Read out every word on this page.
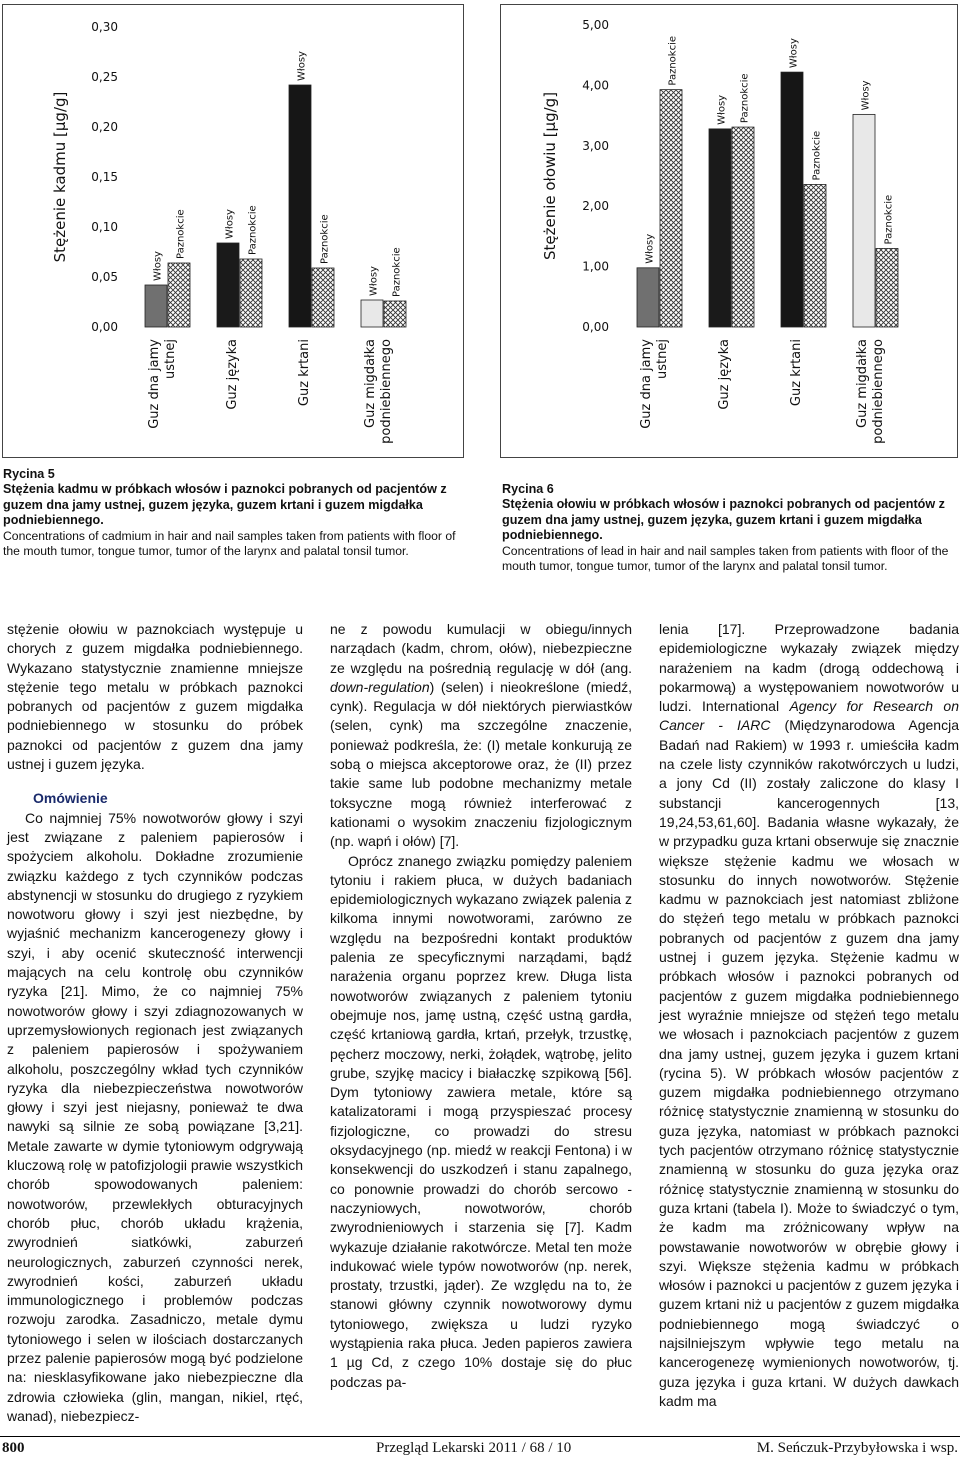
Stężenie kadmu [µg/g]
0,00
0,05
0,10
0,15
0,20
0,25
0,30
Włosy
Paznokcie
Guz dna jamy ustnej
Włosy Paznokcie
Guz języka
Włosy
Paznokcie
Guz krtani
Włosy Paznokcie
Guz migdałka podniebiennego
Stężenie ołowiu [µg/g]
0,00
1,00
2,00
3,00
4,00
5,00
Włosy
Paznokcie
Guz dna jamy ustnej
Włosy Paznokcie
Guz języka
Włosy
Paznokcie
Guz krtani
Włosy
Paznokcie
Guz migdałka podniebiennego
Rycina 5
Stężenia kadmu w próbkach włosów i paznokci pobranych od pacjentów z guzem dna jamy ustnej, guzem języka, guzem krtani i guzem migdałka podniebiennego.
Concentrations of cadmium in hair and nail samples taken from patients with floor of the mouth tumor, tongue tumor, tumor of the larynx and palatal tonsil tumor.
Rycina 6
Stężenia ołowiu w próbkach włosów i paznokci pobranych od pacjentów z guzem dna jamy ustnej, guzem języka, guzem krtani i guzem migdałka podniebiennego.
Concentrations of lead in hair and nail samples taken from patients with floor of the mouth tumor, tongue tumor, tumor of the larynx and palatal tonsil tumor.

stężenie ołowiu w paznokciach występuje u chorych z guzem migdałka podniebiennego. Wykazano statystycznie znamienne mniejsze stężenie tego metalu w próbkach paznokci pobranych od pacjentów z guzem migdałka podniebiennego w stosunku do próbek paznokci od pacjentów z guzem dna jamy ustnej i guzem języka.

Omówienie

Co najmniej 75% nowotworów głowy i szyi jest związane z paleniem papierosów i spożyciem alkoholu. Dokładne zrozumienie związku każdego z tych czynników podczas abstynencji w stosunku do drugiego z ryzykiem nowotworu głowy i szyi jest niezbędne, by wyjaśnić mechanizm kancerogenezy głowy i szyi, i aby ocenić skuteczność interwencji mających na celu kontrolę obu czynników ryzyka [21]. Mimo, że co najmniej 75% nowotworów głowy i szyi zdiagnozowanych w uprzemysłowionych regionach jest związanych z paleniem papierosów i spożywaniem alkoholu, poszczególny wkład tych czynników ryzyka dla niebezpieczeństwa nowotworów głowy i szyi jest niejasny, ponieważ te dwa nawyki są silnie ze sobą powiązane [3,21]. Metale zawarte w dymie tytoniowym odgrywają kluczową rolę w patofizjologii prawie wszystkich chorób spowodowanych paleniem: nowotworów, przewlekłych obturacyjnych chorób płuc, chorób układu krążenia, zwyrodnień siatkówki, zaburzeń neurologicznych, zaburzeń czynności nerek, zwyrodnień kości, zaburzeń układu immunologicznego i problemów podczas rozwoju zarodka. Zasadniczo, metale dymu tytoniowego i selen w ilościach dostarczanych przez palenie papierosów mogą być podzielone na: niesklasyfikowane jako niebezpieczne dla zdrowia człowieka (glin, mangan, nikiel, rtęć, wanad), niebezpiecz-

ne z powodu kumulacji w obiegu/innych narządach (kadm, chrom, ołów), niebezpieczne ze względu na pośrednią regulację w dół (ang. down-regulation) (selen) i nieokreślone (miedź, cynk). Regulacja w dół niektórych pierwiastków (selen, cynk) ma szczególne znaczenie, ponieważ podkreśla, że: (I) metale konkurują ze sobą o miejsca akceptorowe oraz, że (II) przez takie same lub podobne mechanizmy metale toksyczne mogą również interferować z kationami o wysokim znaczeniu fizjologicznym (np. wapń i ołów) [7].

Oprócz znanego związku pomiędzy paleniem tytoniu i rakiem płuca, w dużych badaniach epidemiologicznych wykazano związek palenia z kilkoma innymi nowotworami, zarówno ze względu na bezpośredni kontakt produktów palenia ze specyficznymi narządami, bądź narażenia organu poprzez krew. Długa lista nowotworów związanych z paleniem tytoniu obejmuje nos, jamę ustną, część ustną gardła, część krtaniową gardła, krtań, przełyk, trzustkę, pęcherz moczowy, nerki, żołądek, wątrobę, jelito grube, szyjkę macicy i białaczkę szpikową [56]. Dym tytoniowy zawiera metale, które są katalizatorami i mogą przyspieszać procesy fizjologiczne, co prowadzi do stresu oksydacyjnego (np. miedź w reakcji Fentona) i w konsekwencji do uszkodzeń i stanu zapalnego, co ponownie prowadzi do chorób sercowo - naczyniowych, nowotworów, chorób zwyrodnieniowych i starzenia się [7]. Kadm wykazuje działanie rakotwórcze. Metal ten może indukować wiele typów nowotworów (np. nerek, prostaty, trzustki, jąder). Ze względu na to, że stanowi główny czynnik nowotworowy dymu tytoniowego, zwiększa u ludzi ryzyko wystąpienia raka płuca. Jeden papieros zawiera 1 µg Cd, z czego 10% dostaje się do płuc podczas pa-

lenia [17]. Przeprowadzone badania epidemiologiczne wykazały związek między narażeniem na kadm (drogą oddechową i pokarmową) a występowaniem nowotworów u ludzi. International Agency for Research on Cancer - IARC (Międzynarodowa Agencja Badań nad Rakiem) w 1993 r. umieściła kadm na czele listy czynników rakotwórczych u ludzi, a jony Cd (II) zostały zaliczone do klasy I substancji kancerogennych [13, 19,24,53,61,60]. Badania własne wykazały, że w przypadku guza krtani obserwuje się znacznie większe stężenie kadmu we włosach w stosunku do innych nowotworów. Stężenie kadmu w paznokciach jest natomiast zbliżone do stężeń tego metalu w próbkach paznokci pobranych od pacjentów z guzem dna jamy ustnej i guzem języka. Stężenie kadmu w próbkach włosów i paznokci pobranych od pacjentów z guzem migdałka podniebiennego jest wyraźnie mniejsze od stężeń tego metalu we włosach i paznokciach pacjentów z guzem dna jamy ustnej, guzem języka i guzem krtani (rycina 5). W próbkach włosów pacjentów z guzem migdałka podniebiennego otrzymano różnicę statystycznie znamienną w stosunku do guza języka, natomiast w próbkach paznokci tych pacjentów otrzymano różnicę statystycznie znamienną w stosunku do guza języka oraz różnicę statystycznie znamienną w stosunku do guza krtani (tabela I). Może to świadczyć o tym, że kadm ma zróżnicowany wpływ na powstawanie nowotworów w obrębie głowy i szyi. Większe stężenia kadmu w próbkach włosów i paznokci u pacjentów z guzem języka i guzem krtani niż u pacjentów z guzem migdałka podniebiennego mogą świadczyć o najsilniejszym wpływie tego metalu na kancerogenezę wymienionych nowotworów, tj. guza języka i guza krtani. W dużych dawkach kadm ma

800	Przegląd Lekarski 2011 / 68 / 10	M. Seńczuk-Przybyłowska i wsp.
